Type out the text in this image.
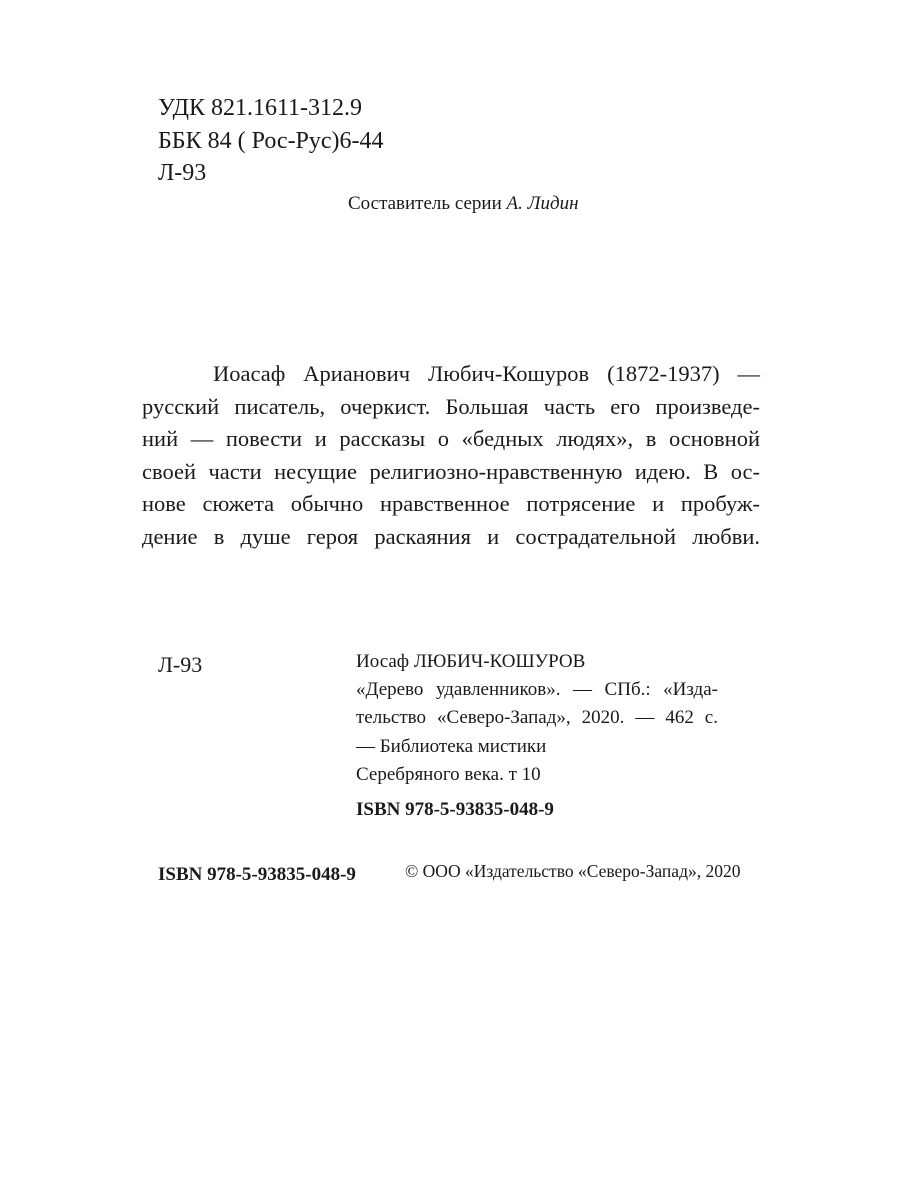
УДК 821.1611-312.9
ББК 84 ( Рос-Рус)6-44
Л-93
Составитель серии А. Лидин
Иоасаф Арианович Любич-Кошуров (1872-1937) —
русский писатель, очеркист. Большая часть его произведе-
ний — повести и рассказы о «бедных людях», в основной
своей части несущие религиозно-нравственную идею. В ос-
нове сюжета обычно нравственное потрясение и пробуж-
дение в душе героя раскаяния и сострадательной любви.
Л-93	Иосаф ЛЮБИЧ-КОШУРОВ
«Дерево удавленников». — СПб.: «Изда-
тельство «Северо-Запад», 2020. — 462 с.
— Библиотека мистики
Серебряного века. т 10
ISBN 978-5-93835-048-9
ISBN 978-5-93835-048-9	© ООО «Издательство «Северо-Запад», 2020
